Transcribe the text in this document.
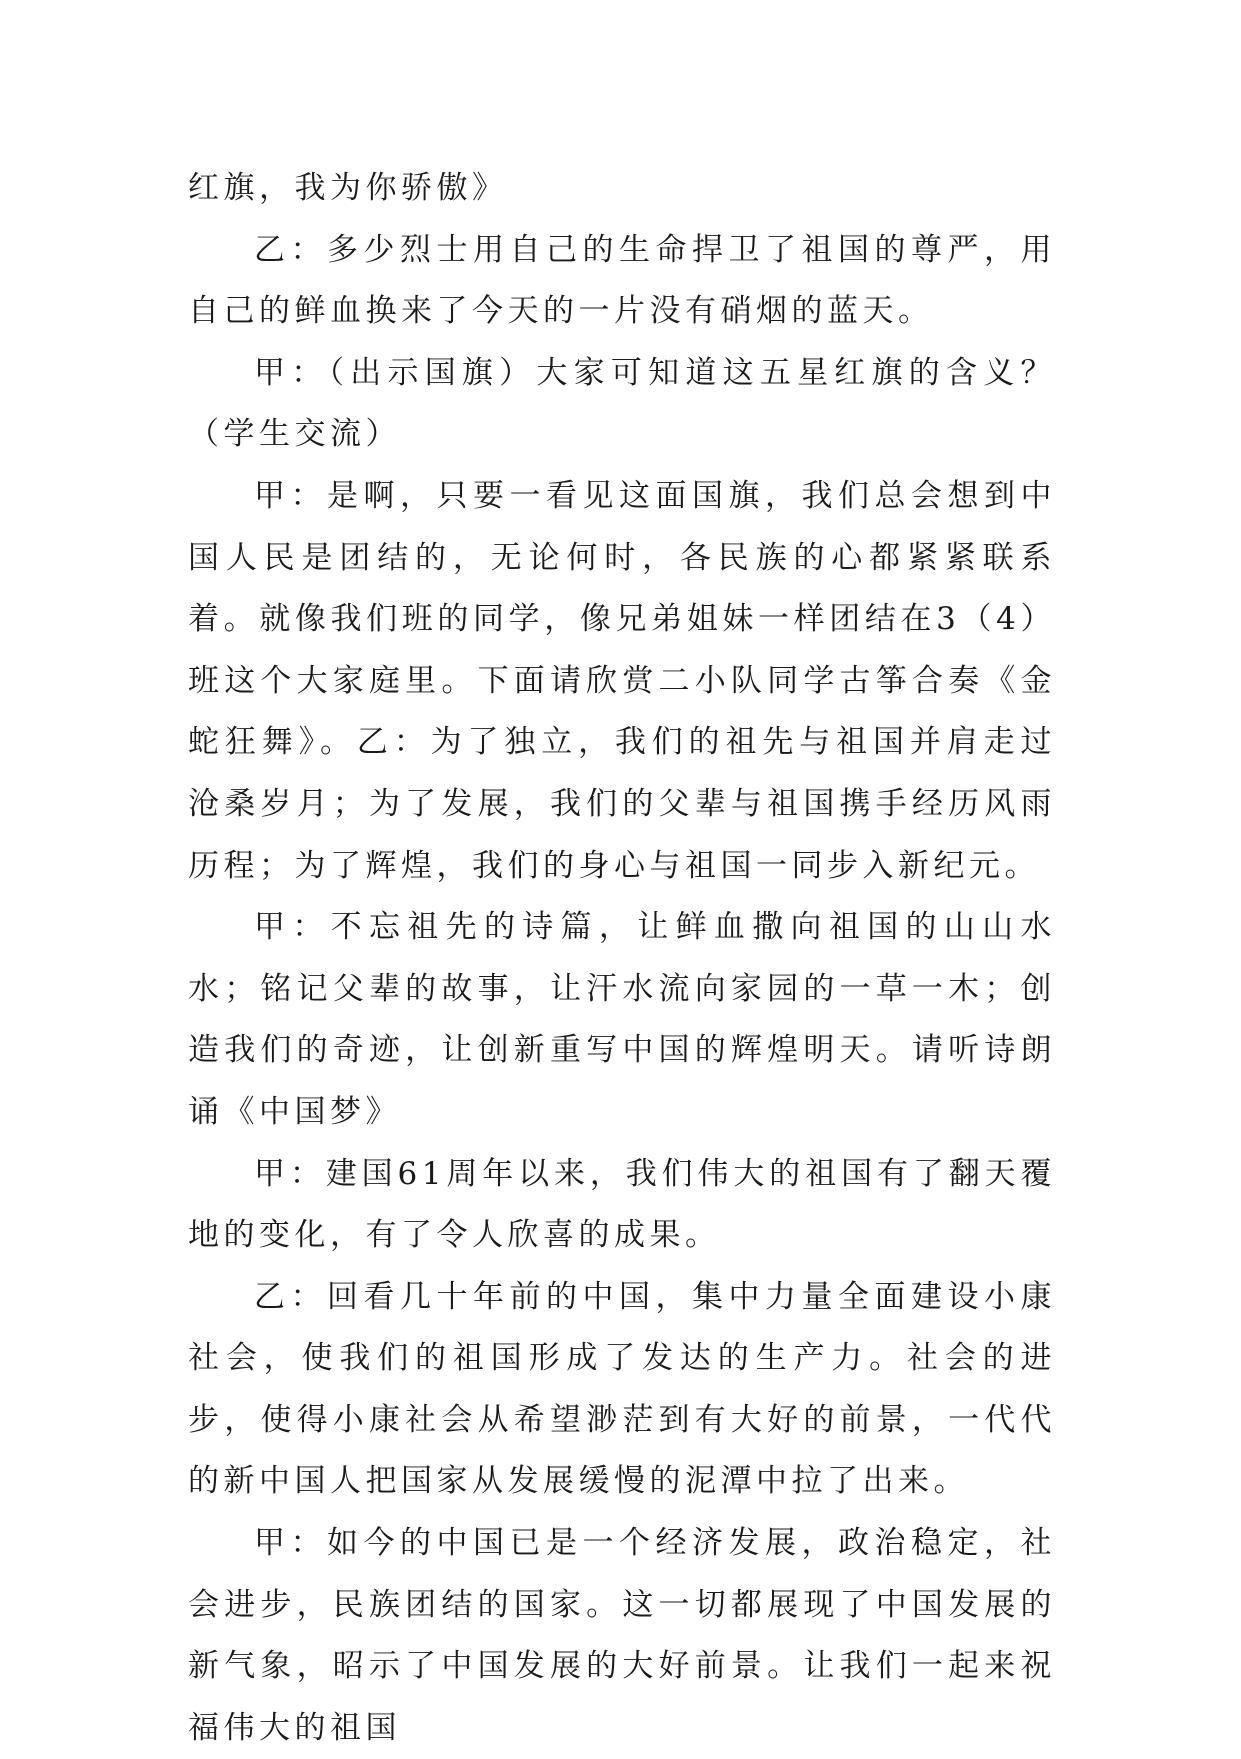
红旗，我为你骄傲》

乙：多少烈士用自己的生命捍卫了祖国的尊严，用自己的鲜血换来了今天的一片没有硝烟的蓝天。

甲：（出示国旗）大家可知道这五星红旗的含义？（学生交流）

甲：是啊，只要一看见这面国旗，我们总会想到中国人民是团结的，无论何时，各民族的心都紧紧联系着。就像我们班的同学，像兄弟姐妹一样团结在3（4）班这个大家庭里。下面请欣赏二小队同学古筝合奏《金蛇狂舞》。乙：为了独立，我们的祖先与祖国并肩走过沧桑岁月；为了发展，我们的父辈与祖国携手经历风雨历程；为了辉煌，我们的身心与祖国一同步入新纪元。

甲：不忘祖先的诗篇，让鲜血撒向祖国的山山水水；铭记父辈的故事，让汗水流向家园的一草一木；创造我们的奇迹，让创新重写中国的辉煌明天。请听诗朗诵《中国梦》

甲：建国61周年以来，我们伟大的祖国有了翻天覆地的变化，有了令人欣喜的成果。

乙：回看几十年前的中国，集中力量全面建设小康社会，使我们的祖国形成了发达的生产力。社会的进步，使得小康社会从希望渺茫到有大好的前景，一代代的新中国人把国家从发展缓慢的泥潭中拉了出来。

甲：如今的中国已是一个经济发展，政治稳定，社会进步，民族团结的国家。这一切都展现了中国发展的新气象，昭示了中国发展的大好前景。让我们一起来祝福伟大的祖国
